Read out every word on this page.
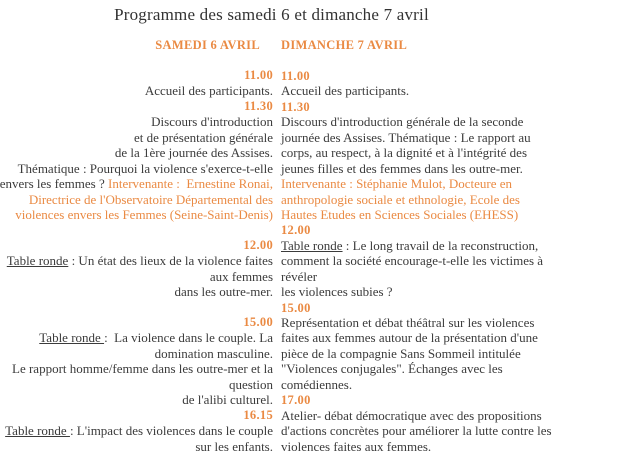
Programme des samedi 6 et dimanche 7 avril
SAMEDI 6 AVRIL
11.00
Accueil des participants.
11.30
Discours d'introduction
et de présentation générale
de la 1ère journée des Assises.
Thématique : Pourquoi la violence s'exerce-t-elle
envers les femmes ? Intervenante :  Ernestine Ronai,
Directrice de l'Observatoire Départemental des
violences envers les Femmes (Seine-Saint-Denis)
12.00
Table ronde : Un état des lieux de la violence faites
aux femmes
dans les outre-mer.
15.00
Table ronde :  La violence dans le couple. La
domination masculine.
Le rapport homme/femme dans les outre-mer et la
question
de l'alibi culturel.
16.15
Table ronde : L'impact des violences dans le couple
sur les enfants.
DIMANCHE 7 AVRIL
11.00
Accueil des participants.
11.30
Discours d'introduction générale de la seconde
journée des Assises. Thématique : Le rapport au
corps, au respect, à la dignité et à l'intégrité des
jeunes filles et des femmes dans les outre-mer.
Intervenante : Stéphanie Mulot, Docteure en
anthropologie sociale et ethnologie, Ecole des
Hautes Etudes en Sciences Sociales (EHESS)
12.00
Table ronde : Le long travail de la reconstruction,
comment la société encourage-t-elle les victimes à
révéler
les violences subies ?
15.00
Représentation et débat théâtral sur les violences
faites aux femmes autour de la présentation d'une
pièce de la compagnie Sans Sommeil intitulée
"Violences conjugales". Échanges avec les
comédiennes.
17.00
Atelier- débat démocratique avec des propositions
d'actions concrètes pour améliorer la lutte contre les
violences faites aux femmes.
